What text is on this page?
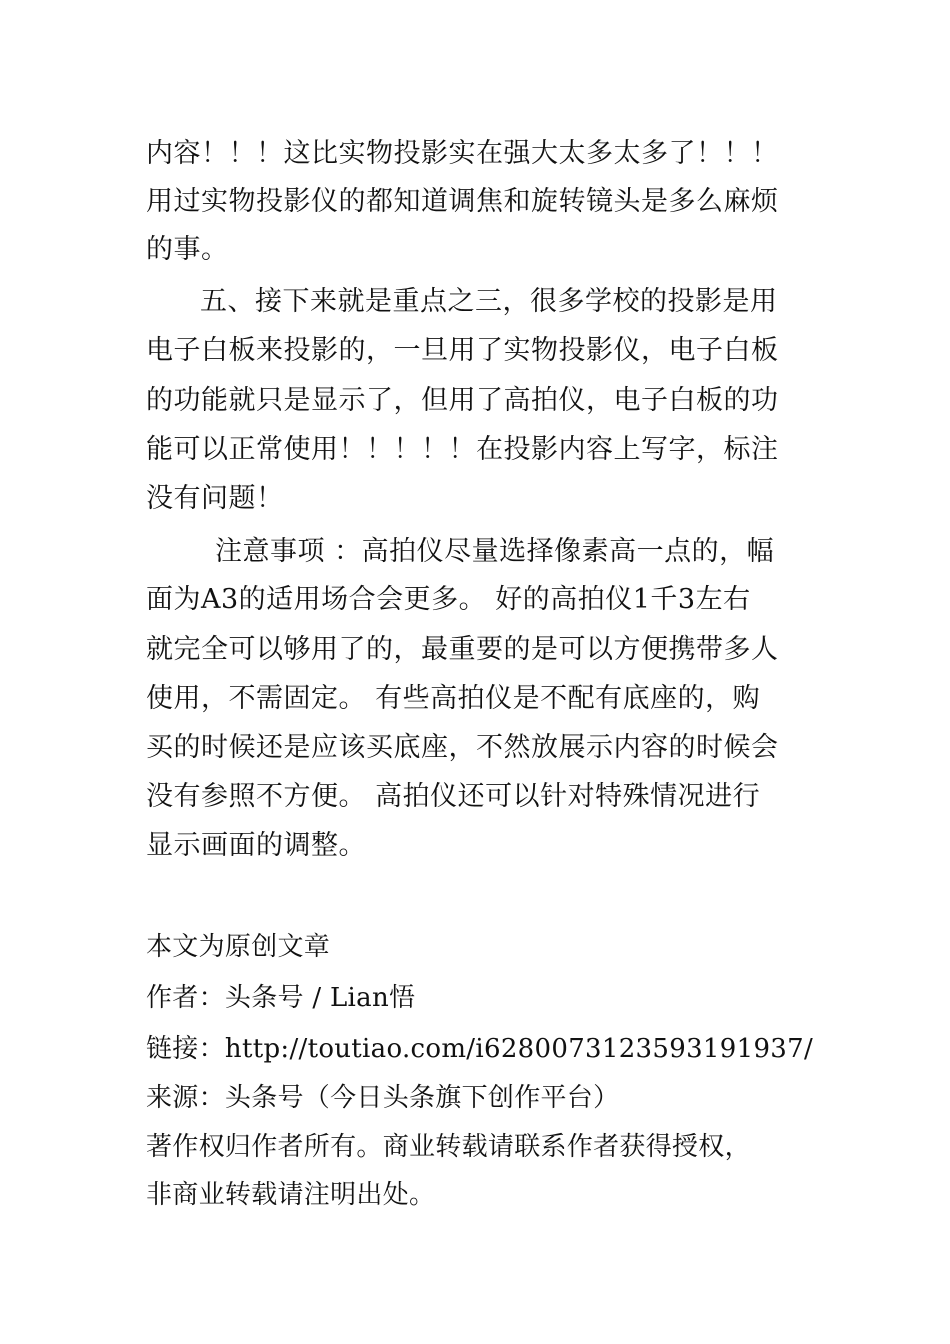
内容！！！这比实物投影实在强大太多太多了！！！
用过实物投影仪的都知道调焦和旋转镜头是多么麻烦
的事。
五、接下来就是重点之三，很多学校的投影是用
电子白板来投影的，一旦用了实物投影仪，电子白板
的功能就只是显示了，但用了高拍仪，电子白板的功
能可以正常使用！！！！！在投影内容上写字，标注
没有问题！
注意事项 ：高拍仪尽量选择像素高一点的，幅
面为A3的适用场合会更多。 好的高拍仪1千3左右
就完全可以够用了的，最重要的是可以方便携带多人
使用，不需固定。 有些高拍仪是不配有底座的，购
买的时候还是应该买底座，不然放展示内容的时候会
没有参照不方便。 高拍仪还可以针对特殊情况进行
显示画面的调整。
本文为原创文章
作者：头条号 / Lian悟
链接：http://toutiao.com/i6280073123593191937/
来源：头条号（今日头条旗下创作平台）
著作权归作者所有。商业转载请联系作者获得授权，
非商业转载请注明出处。
